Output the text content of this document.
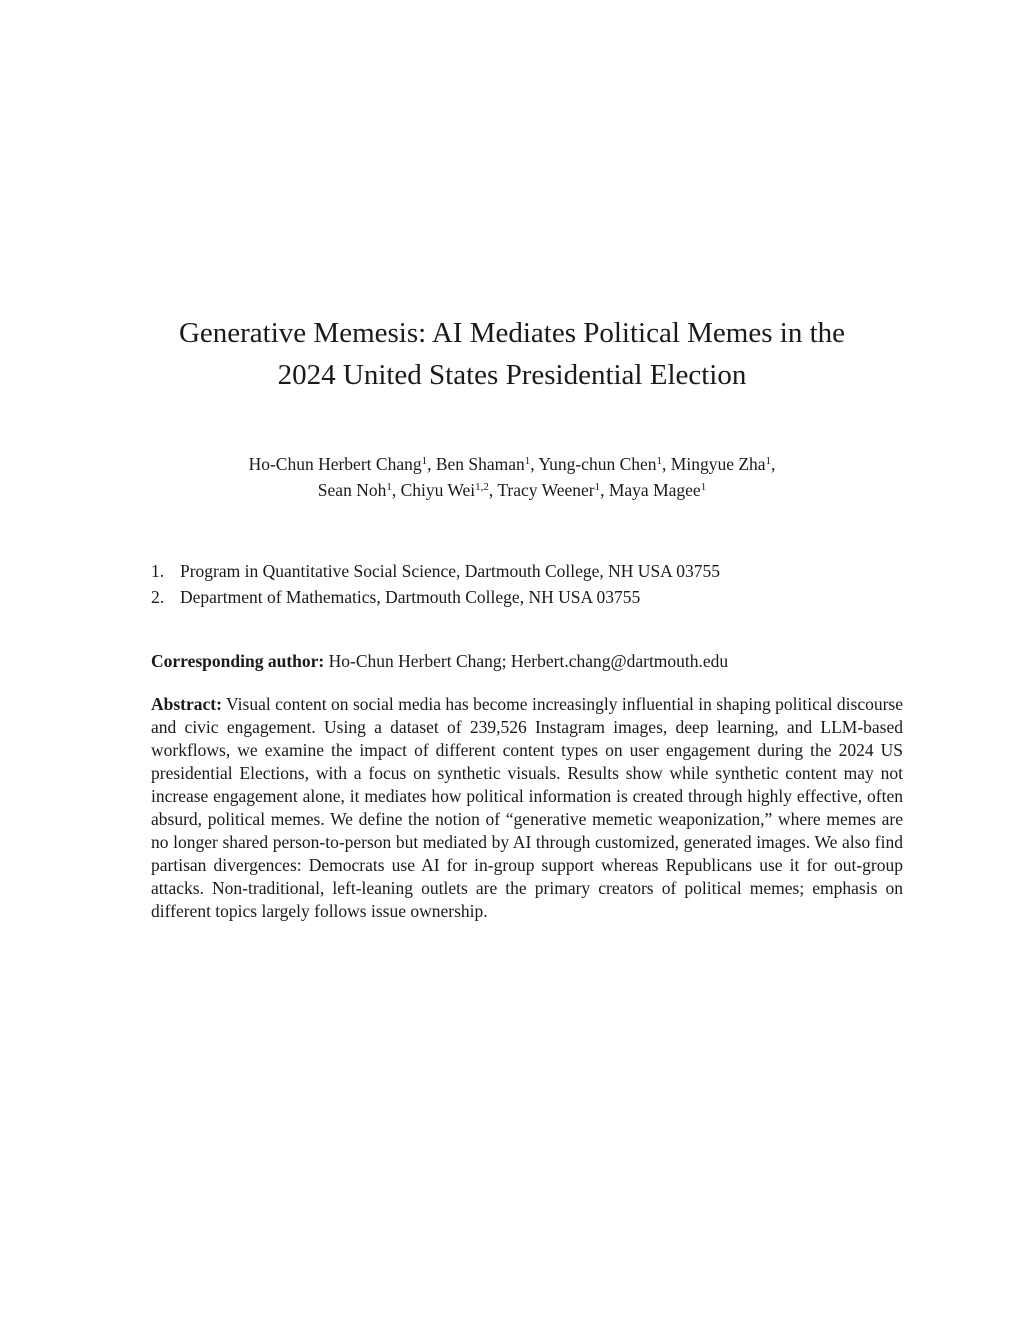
Generative Memesis: AI Mediates Political Memes in the
2024 United States Presidential Election
Ho-Chun Herbert Chang$^1$, Ben Shaman$^1$, Yung-chun Chen$^1$, Mingyue Zha$^1$,
Sean Noh$^1$, Chiyu Wei$^{1,2}$, Tracy Weener$^1$, Maya Magee$^1$
1. Program in Quantitative Social Science, Dartmouth College, NH USA 03755
2. Department of Mathematics, Dartmouth College, NH USA 03755
Corresponding author: Ho-Chun Herbert Chang; Herbert.chang@dartmouth.edu

Abstract: Visual content on social media has become increasingly influential in shaping political discourse and civic engagement. Using a dataset of 239,526 Instagram images, deep learning, and LLM-based workflows, we examine the impact of different content types on user engagement during the 2024 US presidential Elections, with a focus on synthetic visuals. Results show while synthetic content may not increase engagement alone, it mediates how political information is created through highly effective, often absurd, political memes. We define the notion of “generative memetic weaponization,” where memes are no longer shared person-to-person but mediated by AI through customized, generated images. We also find partisan divergences: Democrats use AI for in-group support whereas Republicans use it for out-group attacks. Non-traditional, left-leaning outlets are the primary creators of political memes; emphasis on different topics largely follows issue ownership.
